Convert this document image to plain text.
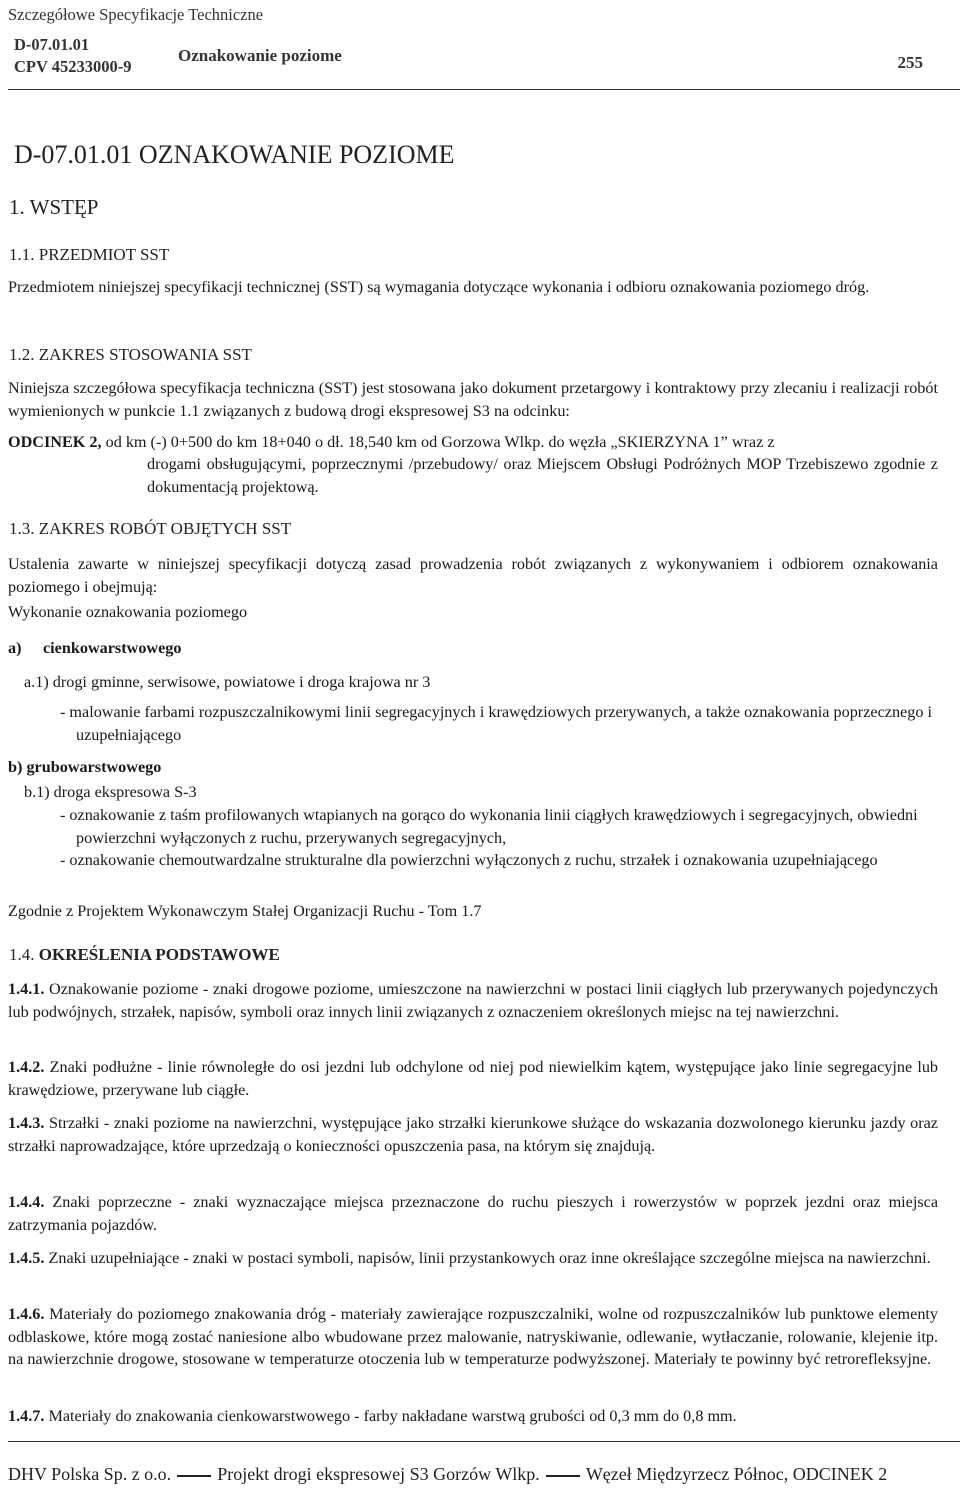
Szczegółowe Specyfikacje Techniczne
D-07.01.01
CPV 45233000-9
Oznakowanie poziome	255
D-07.01.01 OZNAKOWANIE POZIOME
1. WSTĘP
1.1. PRZEDMIOT SST
Przedmiotem niniejszej specyfikacji technicznej (SST) są wymagania dotyczące wykonania i odbioru oznakowania poziomego dróg.
1.2. ZAKRES STOSOWANIA SST
Niniejsza szczegółowa specyfikacja techniczna (SST) jest stosowana jako dokument przetargowy i kontraktowy przy zlecaniu i realizacji robót wymienionych w punkcie 1.1 związanych z budową drogi ekspresowej S3 na odcinku:
ODCINEK 2, od km (-) 0+500 do km 18+040 o dł. 18,540 km od Gorzowa Wlkp. do węzła „SKIERZYNA 1” wraz z
drogami obsługującymi, poprzecznymi /przebudowy/ oraz Miejscem Obsługi Podróżnych MOP Trzebiszewo zgodnie z dokumentacją projektową.
1.3. ZAKRES ROBÓT OBJĘTYCH SST
Ustalenia zawarte w niniejszej specyfikacji dotyczą zasad prowadzenia robót związanych z wykonywaniem i odbiorem oznakowania poziomego i obejmują:
Wykonanie oznakowania poziomego
a) cienkowarstwowego
a.1) drogi gminne, serwisowe, powiatowe i droga krajowa nr 3
- malowanie farbami rozpuszczalnikowymi linii segregacyjnych i krawędziowych przerywanych, a także oznakowania poprzecznego i uzupełniającego
b) grubowarstwowego
b.1) droga ekspresowa S-3
- oznakowanie z taśm profilowanych wtapianych na gorąco do wykonania linii ciągłych krawędziowych i segregacyjnych, obwiedni powierzchni wyłączonych z ruchu, przerywanych segregacyjnych,
- oznakowanie chemoutwardzalne strukturalne dla powierzchni wyłączonych z ruchu, strzałek i oznakowania uzupełniającego
Zgodnie z Projektem Wykonawczym Stałej Organizacji Ruchu - Tom 1.7
1.4. OKREŚLENIA PODSTAWOWE
1.4.1. Oznakowanie poziome - znaki drogowe poziome, umieszczone na nawierzchni w postaci linii ciągłych lub przerywanych pojedynczych lub podwójnych, strzałek, napisów, symboli oraz innych linii związanych z oznaczeniem określonych miejsc na tej nawierzchni.
1.4.2. Znaki podłużne - linie równoległe do osi jezdni lub odchylone od niej pod niewielkim kątem, występujące jako linie segregacyjne lub krawędziowe, przerywane lub ciągłe.
1.4.3. Strzałki - znaki poziome na nawierzchni, występujące jako strzałki kierunkowe służące do wskazania dozwolonego kierunku jazdy oraz strzałki naprowadzające, które uprzedzają o konieczności opuszczenia pasa, na którym się znajdują.
1.4.4. Znaki poprzeczne - znaki wyznaczające miejsca przeznaczone do ruchu pieszych i rowerzystów w poprzek jezdni oraz miejsca zatrzymania pojazdów.
1.4.5. Znaki uzupełniające - znaki w postaci symboli, napisów, linii przystankowych oraz inne określające szczególne miejsca na nawierzchni.
1.4.6. Materiały do poziomego znakowania dróg - materiały zawierające rozpuszczalniki, wolne od rozpuszczalników lub punktowe elementy odblaskowe, które mogą zostać naniesione albo wbudowane przez malowanie, natryskiwanie, odlewanie, wytłaczanie, rolowanie, klejenie itp. na nawierzchnie drogowe, stosowane w temperaturze otoczenia lub w temperaturze podwyższonej. Materiały te powinny być retrorefleksyjne.
1.4.7. Materiały do znakowania cienkowarstwowego - farby nakładane warstwą grubości od 0,3 mm do 0,8 mm.
DHV Polska Sp. z o.o.	Projekt drogi ekspresowej S3 Gorzów Wlkp.	Węzeł Międzyrzecz Północ, ODCINEK 2
